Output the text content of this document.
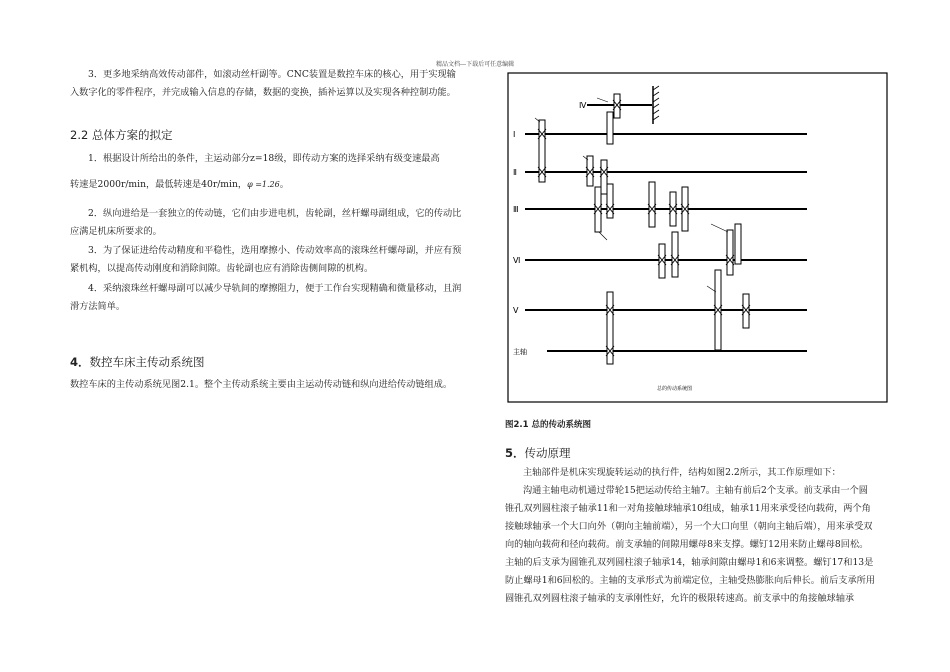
精品文档---下载后可任意编辑

3．更多地采纳高效传动部件，如滚动丝杆副等。CNC装置是数控车床的核心，用于实现输入数字化的零件程序，并完成输入信息的存储，数据的变换，插补运算以及实现各种控制功能。

2.2 总体方案的拟定

1．根据设计所给出的条件，主运动部分z=18级，即传动方案的选择采纳有级变速最高

转速是2000r/min，最低转速是40r/min，φ =1.26。

2．纵向进给是一套独立的传动链，它们由步进电机，齿轮副，丝杆螺母副组成，它的传动比应满足机床所要求的。

3．为了保证进给传动精度和平稳性，选用摩擦小、传动效率高的滚珠丝杆螺母副，并应有预紧机构，以提高传动刚度和消除间隙。齿轮副也应有消除齿侧间隙的机构。

4．采纳滚珠丝杆螺母副可以减少导轨间的摩擦阻力，便于工作台实现精确和微量移动，且润滑方法简单。

4．数控车床主传动系统图

数控车床的主传动系统见图2.1。整个主传动系统主要由主运动传动链和纵向进给传动链组成。

Ⅰ
Ⅱ
Ⅲ
Ⅵ
Ⅴ
Ⅳ
主轴
总的传动系统图
图2.1 总的传动系统图
5．传动原理

主轴部件是机床实现旋转运动的执行件，结构如图2.2所示，其工作原理如下：

沟通主轴电动机通过带轮15把运动传给主轴7。主轴有前后2个支承。前支承由一个圆锥孔双列圆柱滚子轴承11和一对角接触球轴承10组成，轴承11用来承受径向载荷，两个角接触球轴承一个大口向外（朝向主轴前端），另一个大口向里（朝向主轴后端），用来承受双向的轴向载荷和径向载荷。前支承轴的间隙用螺母8来支撑。螺钉12用来防止螺母8回松。主轴的后支承为圆锥孔双列圆柱滚子轴承14，轴承间隙由螺母1和6来调整。螺钉17和13是防止螺母1和6回松的。主轴的支承形式为前端定位，主轴受热膨胀向后伸长。前后支承所用圆锥孔双列圆柱滚子轴承的支承刚性好，允许的极限转速高。前支承中的角接触球轴承
